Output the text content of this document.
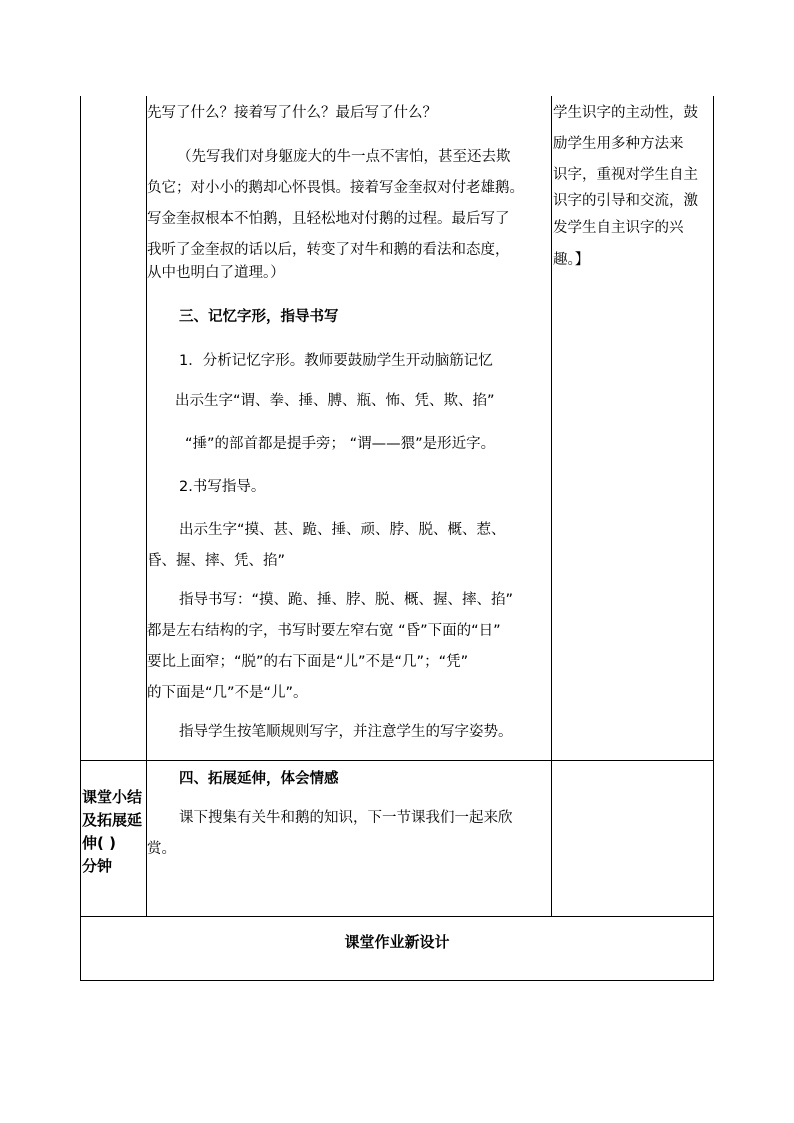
先写了什么？接着写了什么？最后写了什么？

（先写我们对身躯庞大的牛一点不害怕，甚至还去欺

负它；对小小的鹅却心怀畏惧。接着写金奎叔对付老雄鹅。

写金奎叔根本不怕鹅，且轻松地对付鹅的过程。最后写了

我听了金奎叔的话以后，转变了对牛和鹅的看法和态度，

从中也明白了道理。）

三、记忆字形，指导书写

1．分析记忆字形。教师要鼓励学生开动脑筋记忆

出示生字“谓、拳、捶、膊、瓶、怖、凭、欺、掐”

“捶”的部首都是提手旁； “谓——猥”是形近字。

2.书写指导。

出示生字“摸、甚、跪、捶、顽、脖、脱、概、惹、

昏、握、摔、凭、掐”

指导书写：“摸、跪、捶、脖、脱、概、握、摔、掐”

都是左右结构的字，书写时要左窄右宽 “昏”下面的“日”

要比上面窄；“脱”的右下面是“儿”不是“几”；“凭”

的下面是“几”不是“儿”。

指导学生按笔顺规则写字，并注意学生的写字姿势。

学生识字的主动性，鼓

励学生用多种方法来

识字，重视对学生自主

识字的引导和交流，激

发学生自主识字的兴

趣。】

课堂小结

及拓展延

伸( )

分钟

四、拓展延伸，体会情感

课下搜集有关牛和鹅的知识，下一节课我们一起来欣

赏。

课堂作业新设计
